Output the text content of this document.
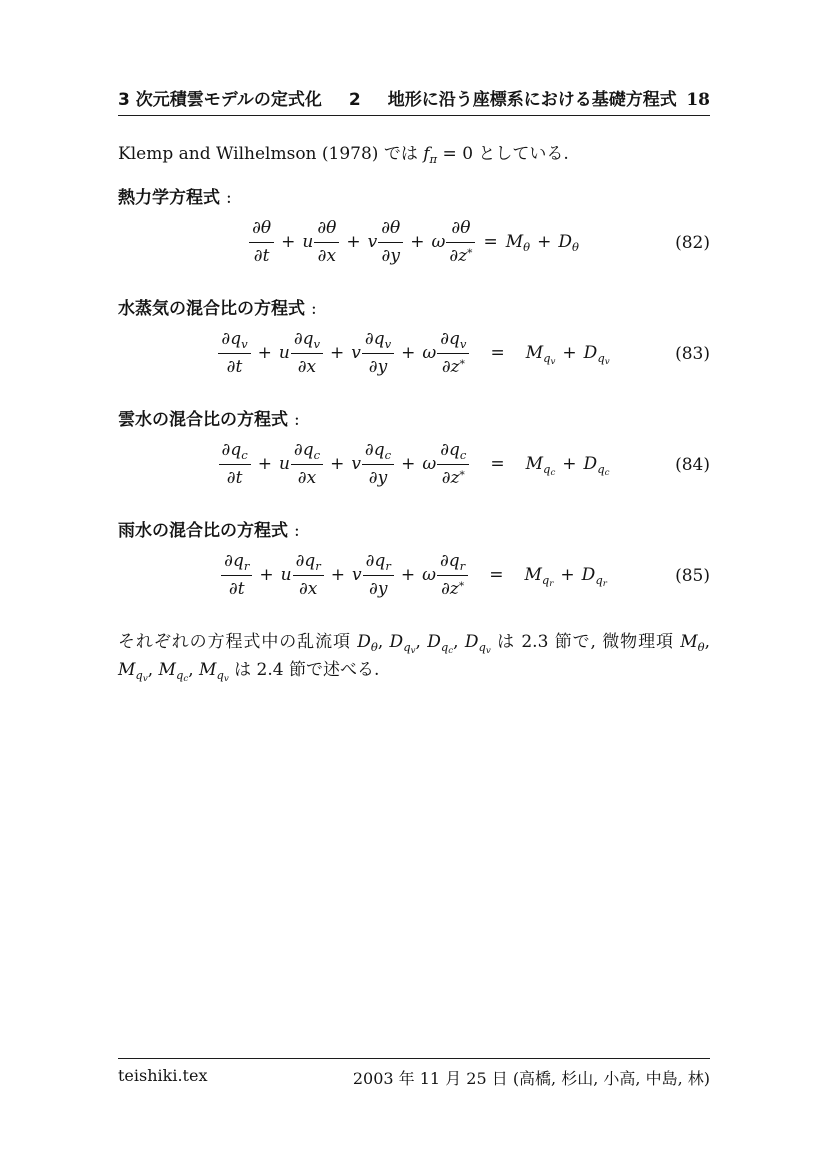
3 次元積雲モデルの定式化 2 地形に沿う座標系における基礎方程式 18

Klemp and Wilhelmson (1978) では $f_\pi = 0$ としている.

熱力学方程式 :
$\frac{\partial\theta}{\partial t} + u \frac{\partial\theta}{\partial x} + v \frac{\partial\theta}{\partial y} + \omega \frac{\partial\theta}{\partial z^*} = M_\theta + D_\theta$	(82)
水蒸気の混合比の方程式 :
$\frac{\partial q_v}{\partial t} + u \frac{\partial q_v}{\partial x} + v \frac{\partial q_v}{\partial y} + \omega \frac{\partial q_v}{\partial z^*} = M_{q_v} + D_{q_v}$	(83)
雲水の混合比の方程式 :
$\frac{\partial q_c}{\partial t} + u \frac{\partial q_c}{\partial x} + v \frac{\partial q_c}{\partial y} + \omega \frac{\partial q_c}{\partial z^*} = M_{q_c} + D_{q_c}$	(84)
雨水の混合比の方程式 :
$\frac{\partial q_r}{\partial t} + u \frac{\partial q_r}{\partial x} + v \frac{\partial q_r}{\partial y} + \omega \frac{\partial q_r}{\partial z^*} = M_{q_r} + D_{q_r}$	(85)

それぞれの方程式中の乱流項 $D_\theta$, $D_{q_v}$, $D_{q_c}$, $D_{q_v}$ は 2.3 節で, 微物理項 $M_\theta$, $M_{q_v}$, $M_{q_c}$, $M_{q_v}$ は 2.4 節で述べる.

teishiki.tex	2003 年 11 月 25 日 (高橋, 杉山, 小高, 中島, 林)
